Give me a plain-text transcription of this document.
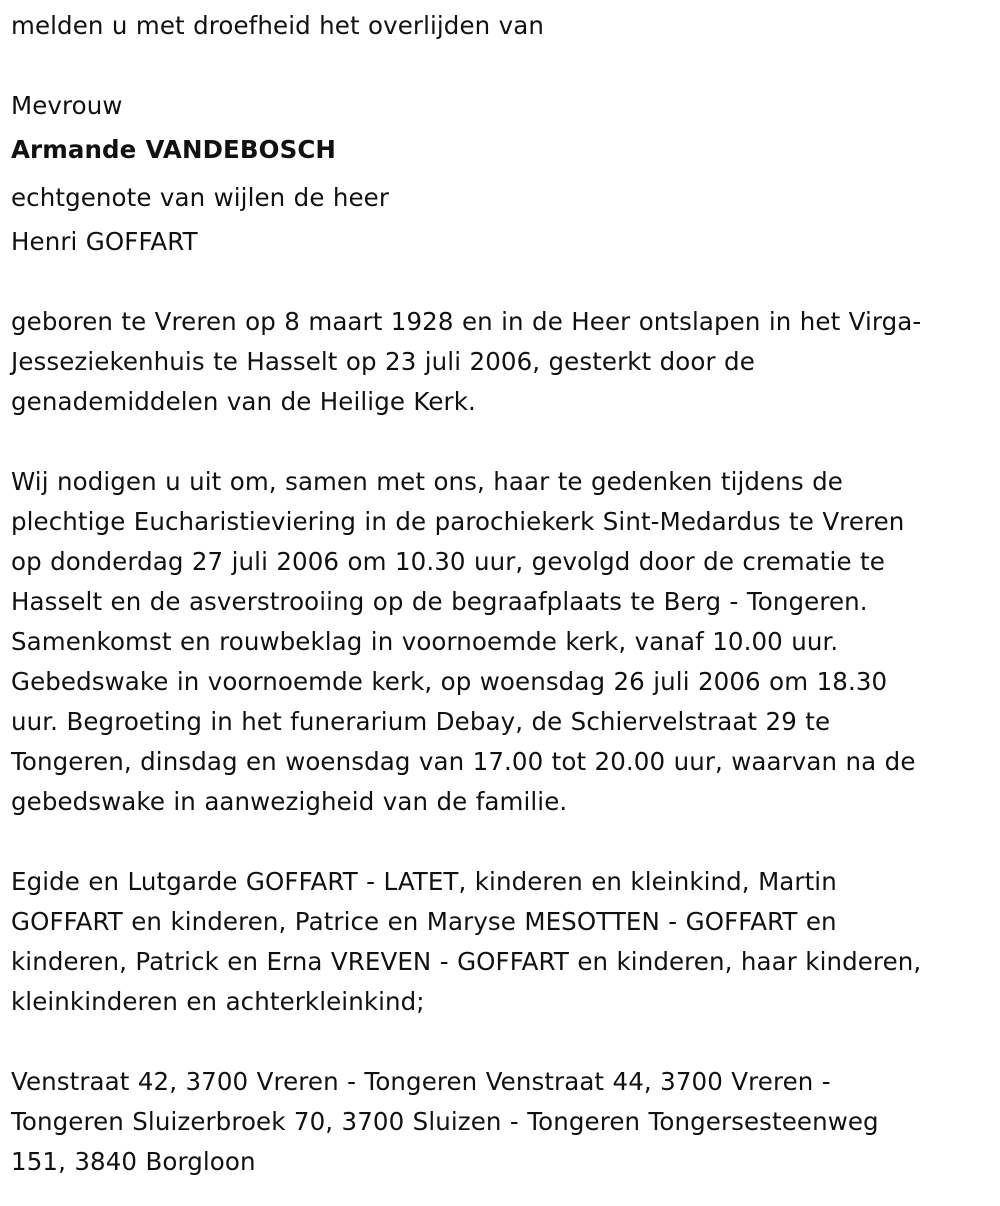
melden u met droefheid het overlijden van
Mevrouw
Armande VANDEBOSCH
echtgenote van wijlen de heer
Henri GOFFART
geboren te Vreren op 8 maart 1928 en in de Heer ontslapen in het Virga-
Jesseziekenhuis te Hasselt op 23 juli 2006, gesterkt door de
genademiddelen van de Heilige Kerk.
Wij nodigen u uit om, samen met ons, haar te gedenken tijdens de
plechtige Eucharistieviering in de parochiekerk Sint-Medardus te Vreren
op donderdag 27 juli 2006 om 10.30 uur, gevolgd door de crematie te
Hasselt en de asverstrooiing op de begraafplaats te Berg - Tongeren.
Samenkomst en rouwbeklag in voornoemde kerk, vanaf 10.00 uur.
Gebedswake in voornoemde kerk, op woensdag 26 juli 2006 om 18.30
uur. Begroeting in het funerarium Debay, de Schiervelstraat 29 te
Tongeren, dinsdag en woensdag van 17.00 tot 20.00 uur, waarvan na de
gebedswake in aanwezigheid van de familie.
Egide en Lutgarde GOFFART - LATET, kinderen en kleinkind, Martin
GOFFART en kinderen, Patrice en Maryse MESOTTEN - GOFFART en
kinderen, Patrick en Erna VREVEN - GOFFART en kinderen, haar kinderen,
kleinkinderen en achterkleinkind;
Venstraat 42, 3700 Vreren - Tongeren Venstraat 44, 3700 Vreren -
Tongeren Sluizerbroek 70, 3700 Sluizen - Tongeren Tongersesteenweg
151, 3840 Borgloon
